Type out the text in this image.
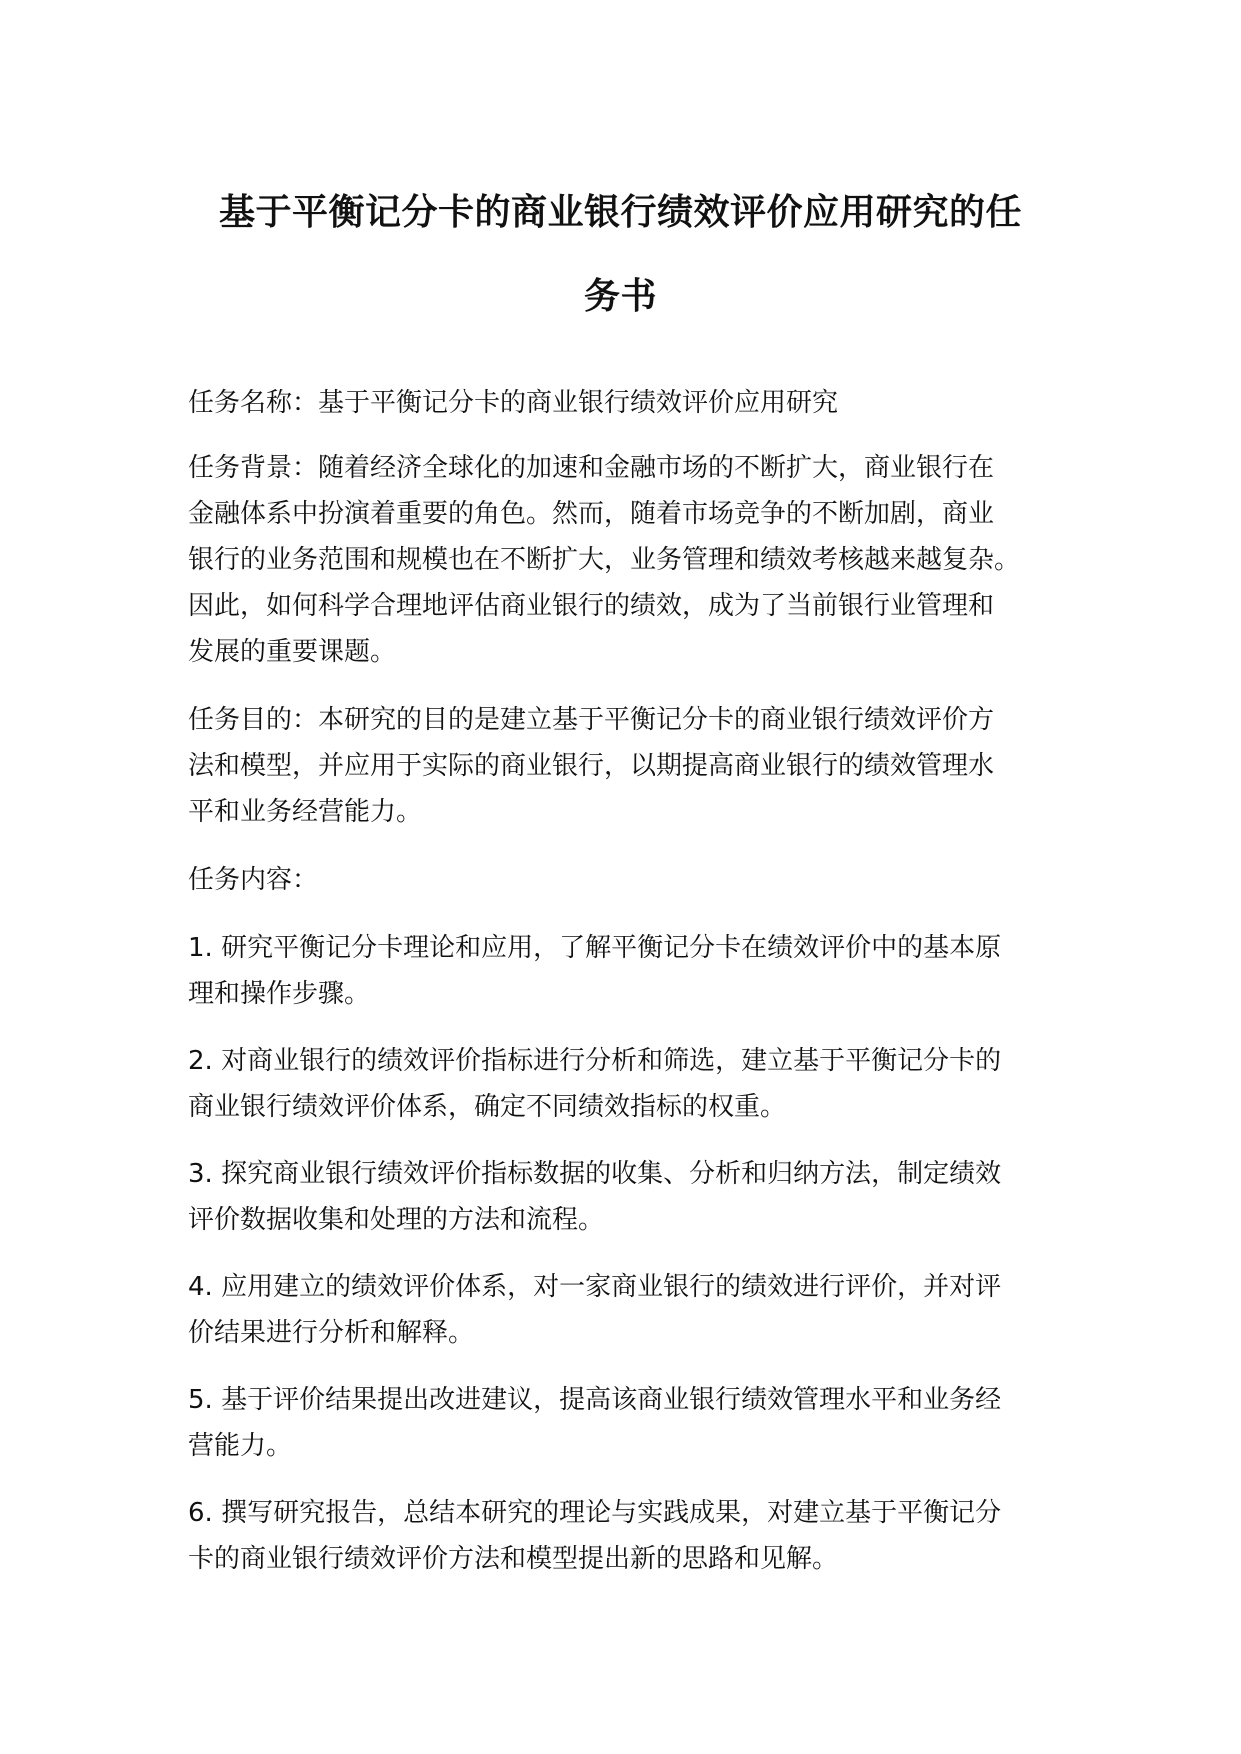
基于平衡记分卡的商业银行绩效评价应用研究的任
务书

任务名称：基于平衡记分卡的商业银行绩效评价应用研究

任务背景：随着经济全球化的加速和金融市场的不断扩大，商业银行在
金融体系中扮演着重要的角色。然而，随着市场竞争的不断加剧，商业
银行的业务范围和规模也在不断扩大，业务管理和绩效考核越来越复杂。
因此，如何科学合理地评估商业银行的绩效，成为了当前银行业管理和
发展的重要课题。

任务目的：本研究的目的是建立基于平衡记分卡的商业银行绩效评价方
法和模型，并应用于实际的商业银行，以期提高商业银行的绩效管理水
平和业务经营能力。

任务内容：

1. 研究平衡记分卡理论和应用，了解平衡记分卡在绩效评价中的基本原
理和操作步骤。

2. 对商业银行的绩效评价指标进行分析和筛选，建立基于平衡记分卡的
商业银行绩效评价体系，确定不同绩效指标的权重。

3. 探究商业银行绩效评价指标数据的收集、分析和归纳方法，制定绩效
评价数据收集和处理的方法和流程。

4. 应用建立的绩效评价体系，对一家商业银行的绩效进行评价，并对评
价结果进行分析和解释。

5. 基于评价结果提出改进建议，提高该商业银行绩效管理水平和业务经
营能力。

6. 撰写研究报告，总结本研究的理论与实践成果，对建立基于平衡记分
卡的商业银行绩效评价方法和模型提出新的思路和见解。
